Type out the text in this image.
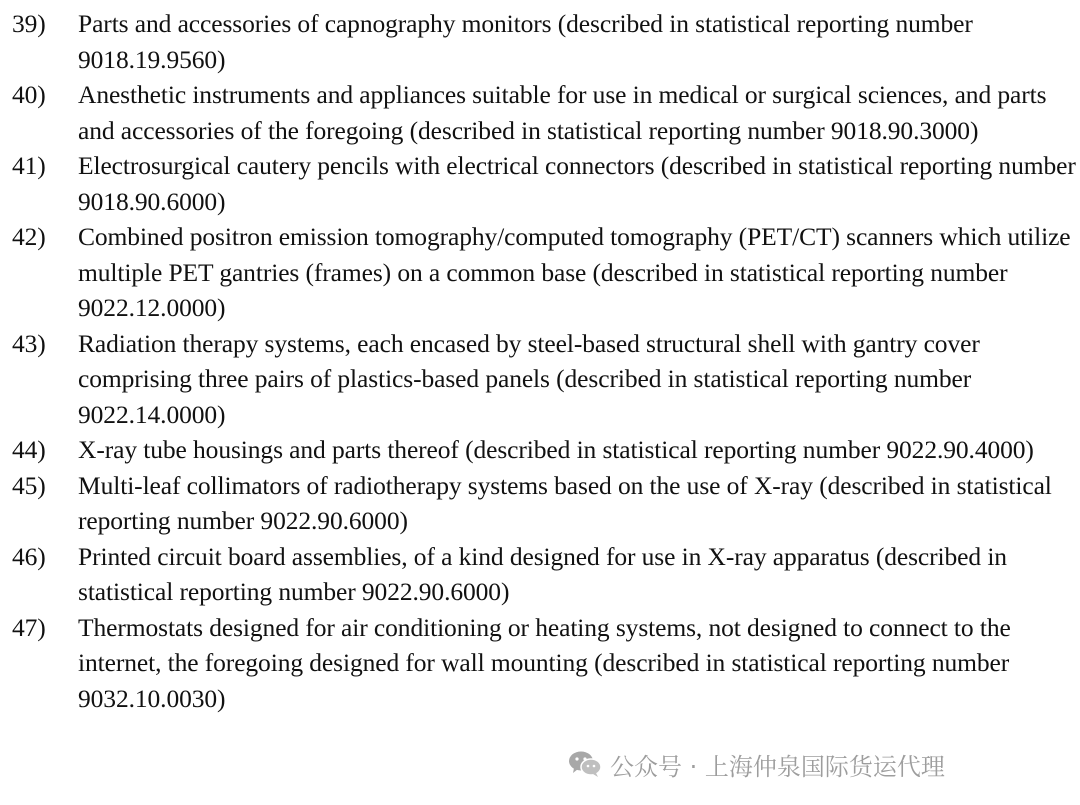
39)	Parts and accessories of capnography monitors (described in statistical reporting number 9018.19.9560)
40)	Anesthetic instruments and appliances suitable for use in medical or surgical sciences, and parts and accessories of the foregoing (described in statistical reporting number 9018.90.3000)
41)	Electrosurgical cautery pencils with electrical connectors (described in statistical reporting number 9018.90.6000)
42)	Combined positron emission tomography/computed tomography (PET/CT) scanners which utilize multiple PET gantries (frames) on a common base (described in statistical reporting number 9022.12.0000)
43)	Radiation therapy systems, each encased by steel-based structural shell with gantry cover comprising three pairs of plastics-based panels (described in statistical reporting number 9022.14.0000)
44)	X-ray tube housings and parts thereof (described in statistical reporting number 9022.90.4000)
45)	Multi-leaf collimators of radiotherapy systems based on the use of X-ray (described in statistical reporting number 9022.90.6000)
46)	Printed circuit board assemblies, of a kind designed for use in X-ray apparatus (described in statistical reporting number 9022.90.6000)
47)	Thermostats designed for air conditioning or heating systems, not designed to connect to the internet, the foregoing designed for wall mounting (described in statistical reporting number 9032.10.0030)
公众号 · 上海仲泉国际货运代理
